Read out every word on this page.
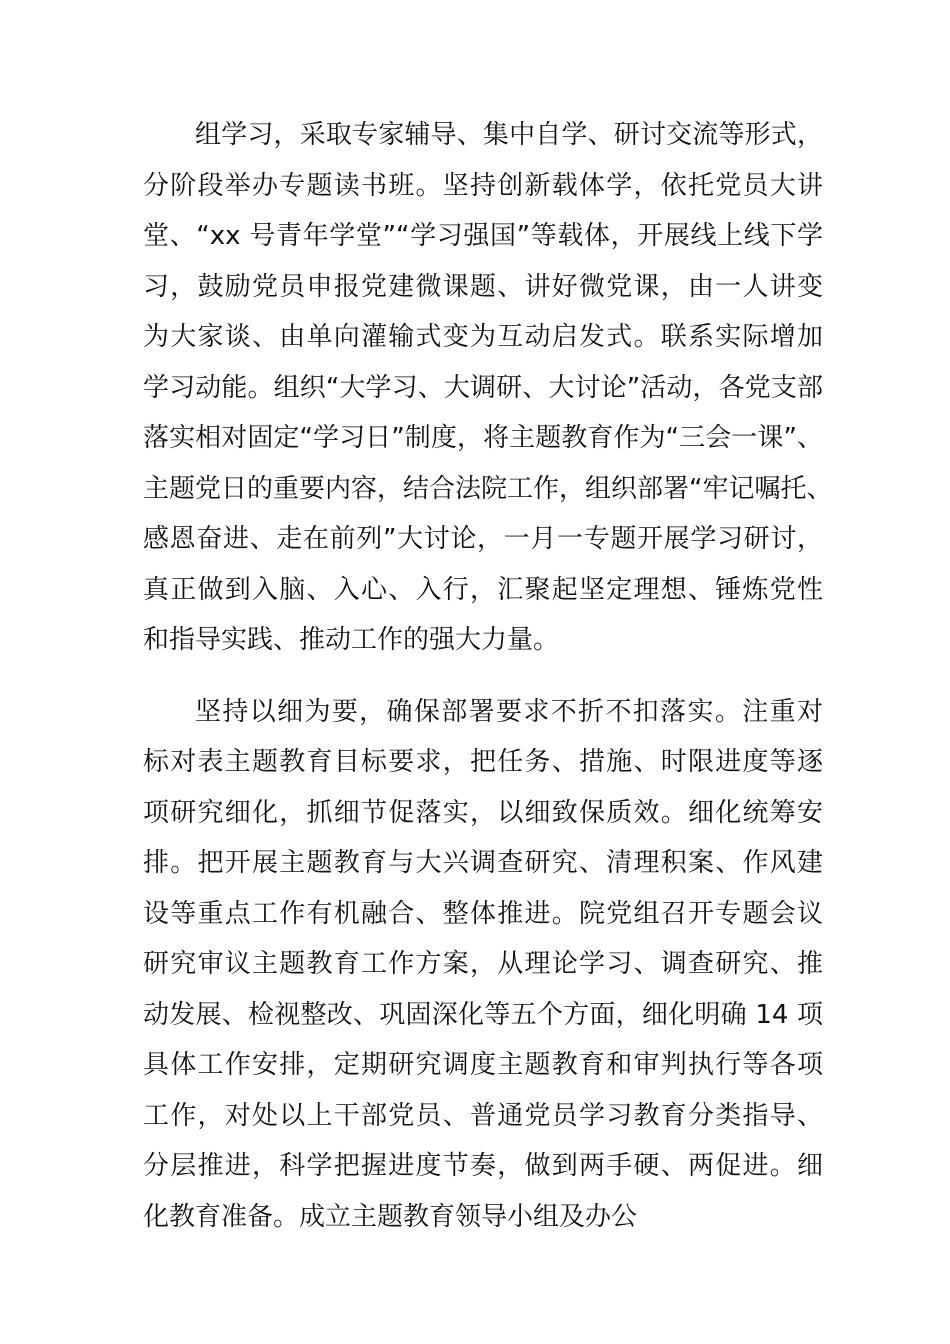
组学习，采取专家辅导、集中自学、研讨交流等形式，
分阶段举办专题读书班。坚持创新载体学，依托党员大讲
堂、“xx 号青年学堂”“学习强国”等载体，开展线上线下学
习，鼓励党员申报党建微课题、讲好微党课，由一人讲变
为大家谈、由单向灌输式变为互动启发式。联系实际增加
学习动能。组织“大学习、大调研、大讨论”活动，各党支部
落实相对固定“学习日”制度，将主题教育作为“三会一课”、
主题党日的重要内容，结合法院工作，组织部署“牢记嘱托、
感恩奋进、走在前列”大讨论，一月一专题开展学习研讨，
真正做到入脑、入心、入行，汇聚起坚定理想、锤炼党性
和指导实践、推动工作的强大力量。
坚持以细为要，确保部署要求不折不扣落实。注重对
标对表主题教育目标要求，把任务、措施、时限进度等逐
项研究细化，抓细节促落实，以细致保质效。细化统筹安
排。把开展主题教育与大兴调查研究、清理积案、作风建
设等重点工作有机融合、整体推进。院党组召开专题会议
研究审议主题教育工作方案，从理论学习、调查研究、推
动发展、检视整改、巩固深化等五个方面，细化明确 14 项
具体工作安排，定期研究调度主题教育和审判执行等各项
工作，对处以上干部党员、普通党员学习教育分类指导、
分层推进，科学把握进度节奏，做到两手硬、两促进。细
化教育准备。成立主题教育领导小组及办公
